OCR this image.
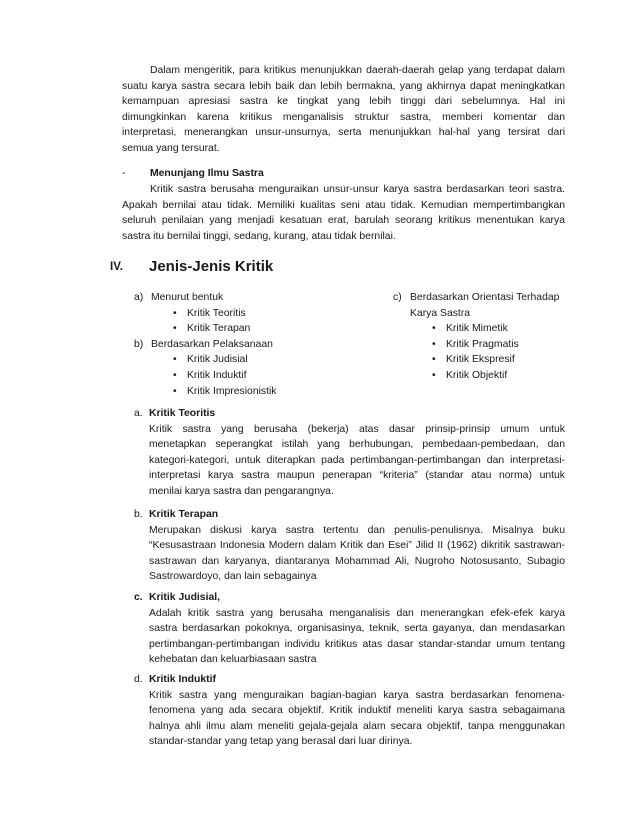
Dalam mengeritik, para kritikus menunjukkan daerah-daerah gelap yang terdapat dalam

suatu karya sastra secara lebih baik dan lebih bermakna, yang akhirnya dapat meningkatkan

kemampuan apresiasi sastra ke tingkat yang lebih tinggi dari sebelumnya. Hal ini

dimungkinkan karena kritikus menganalisis struktur sastra, memberi komentar dan

interpretasi, menerangkan unsur-unsurnya, serta menunjukkan hal-hal yang tersirat dari

semua yang tersurat.

-	Menunjang Ilmu Sastra

Kritik sastra berusaha menguraikan unsur-unsur karya sastra berdasarkan teori sastra.

Apakah bernilai atau tidak. Memiliki kualitas seni atau tidak. Kemudian mempertimbangkan

seluruh penilaian yang menjadi kesatuan erat, barulah seorang kritikus menentukan karya

sastra itu bernilai tinggi, sedang, kurang, atau tidak bernilai.

IV. Jenis-Jenis Kritik
a) Menurut bentuk
• Kritik Teoritis
• Kritik Terapan
b) Berdasarkan Pelaksanaan
• Kritik Judisial
• Kritik Induktif
• Kritik Impresionistik
c) Berdasarkan Orientasi Terhadap
Karya Sastra
• Kritik Mimetik
• Kritik Pragmatis
• Kritik Ekspresif
• Kritik Objektif
a. Kritik Teoritis

Kritik sastra yang berusaha (bekerja) atas dasar prinsip-prinsip umum untuk

menetapkan seperangkat istilah yang berhubungan, pembedaan-pembedaan, dan

kategori-kategori, untuk diterapkan pada pertimbangan-pertimbangan dan interpretasi-

interpretasi karya sastra maupun penerapan “kriteria” (standar atau norma) untuk

menilai karya sastra dan pengarangnya.

b. Kritik Terapan

Merupakan diskusi karya sastra tertentu dan penulis-penulisnya. Misalnya buku

“Kesusastraan Indonesia Modern dalam Kritik dan Esei” Jilid II (1962) dikritik sastrawan-

sastrawan dan karyanya, diantaranya Mohammad Ali, Nugroho Notosusanto, Subagio

Sastrowardoyo, dan lain sebagainya

c. Kritik Judisial,

Adalah kritik sastra yang berusaha menganalisis dan menerangkan efek-efek karya

sastra berdasarkan pokoknya, organisasinya, teknik, serta gayanya, dan mendasarkan

pertimbangan-pertimbangan individu kritikus atas dasar standar-standar umum tentang

kehebatan dan keluarbiasaan sastra

d. Kritik Induktif

Kritik sastra yang menguraikan bagian-bagian karya sastra berdasarkan fenomena-

fenomena yang ada secara objektif. Kritik induktif meneliti karya sastra sebagaimana

halnya ahli ilmu alam meneliti gejala-gejala alam secara objektif, tanpa menggunakan

standar-standar yang tetap yang berasal dari luar dirinya.
